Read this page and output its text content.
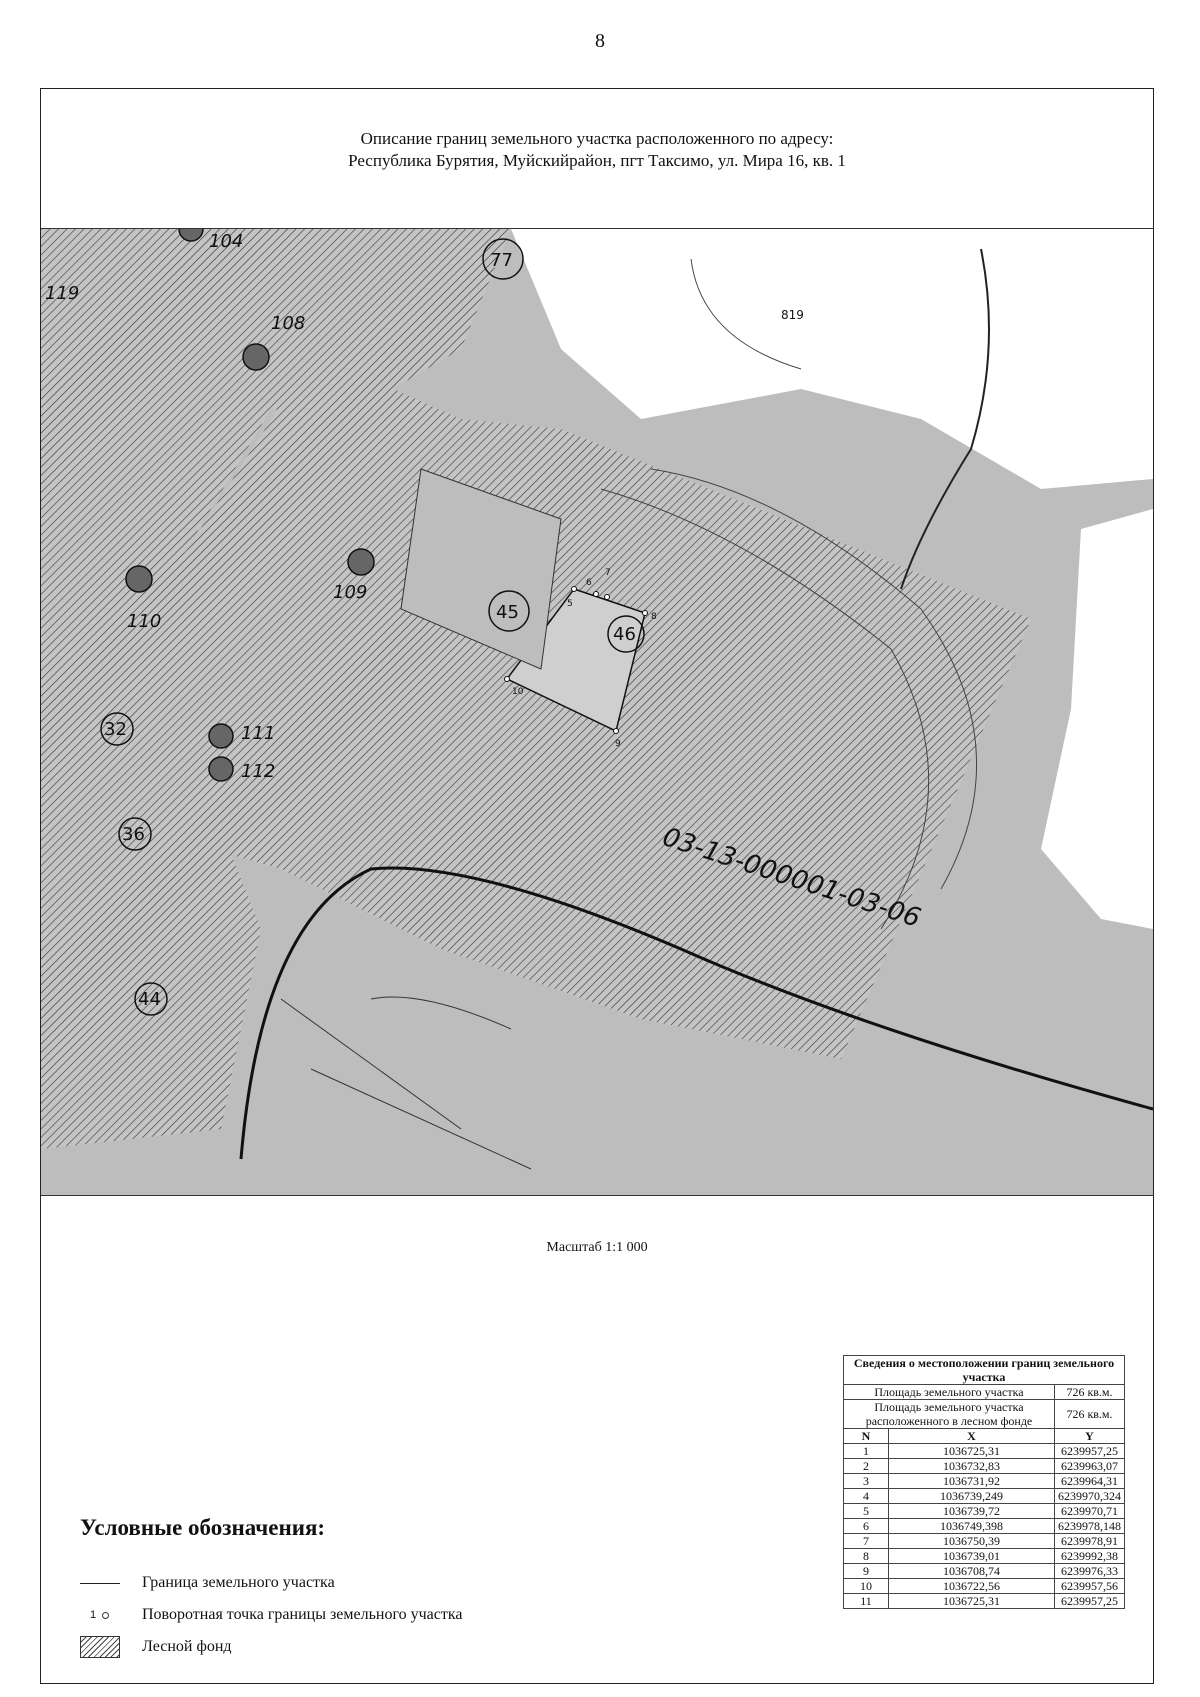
8
Описание границ земельного участка расположенного по адресу:
Республика Бурятия, Муйскийрайон, пгт Таксимо, ул. Мира 16, кв. 1
77
45
46
32
36
44
109
110
111
112
108
104
119
819
03-13-000001-03-06
5
6
7
8
9
10
Масштаб 1:1 000
Условные обозначения:
Граница земельного участка
1	Поворотная точка границы земельного участка
Лесной фонд
Сведения о местоположении границ земельного участка		
Площадь земельного участка		726 кв.м.
Площадь земельного участка расположенного в лесном фонде		726 кв.м.
N	X	Y
1	1036725,31	6239957,25
2	1036732,83	6239963,07
3	1036731,92	6239964,31
4	1036739,249	6239970,324
5	1036739,72	6239970,71
6	1036749,398	6239978,148
7	1036750,39	6239978,91
8	1036739,01	6239992,38
9	1036708,74	6239976,33
10	1036722,56	6239957,56
11	1036725,31	6239957,25
